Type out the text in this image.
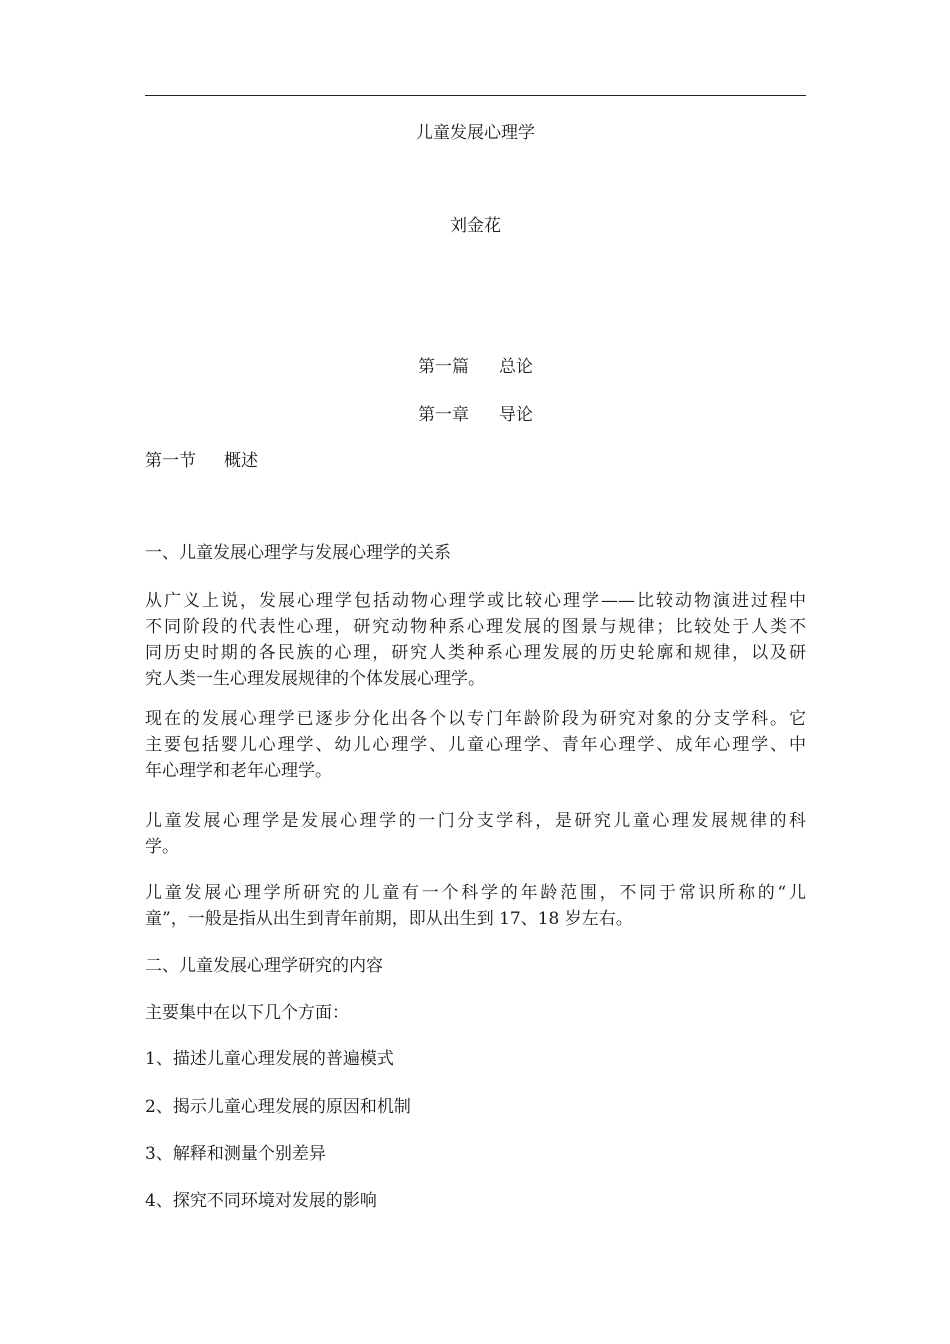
儿童发展心理学
刘金花
第一篇 总论
第一章 导论
第一节 概述
一、儿童发展心理学与发展心理学的关系
从广义上说，发展心理学包括动物心理学或比较心理学——比较动物演进过程中
不同阶段的代表性心理，研究动物种系心理发展的图景与规律；比较处于人类不
同历史时期的各民族的心理，研究人类种系心理发展的历史轮廓和规律，以及研
究人类一生心理发展规律的个体发展心理学。
现在的发展心理学已逐步分化出各个以专门年龄阶段为研究对象的分支学科。它
主要包括婴儿心理学、幼儿心理学、儿童心理学、青年心理学、成年心理学、中
年心理学和老年心理学。
儿童发展心理学是发展心理学的一门分支学科，是研究儿童心理发展规律的科
学。
儿童发展心理学所研究的儿童有一个科学的年龄范围，不同于常识所称的“儿
童”，一般是指从出生到青年前期，即从出生到 17、18 岁左右。
二、儿童发展心理学研究的内容
主要集中在以下几个方面：
1、描述儿童心理发展的普遍模式
2、揭示儿童心理发展的原因和机制
3、解释和测量个别差异
4、探究不同环境对发展的影响
